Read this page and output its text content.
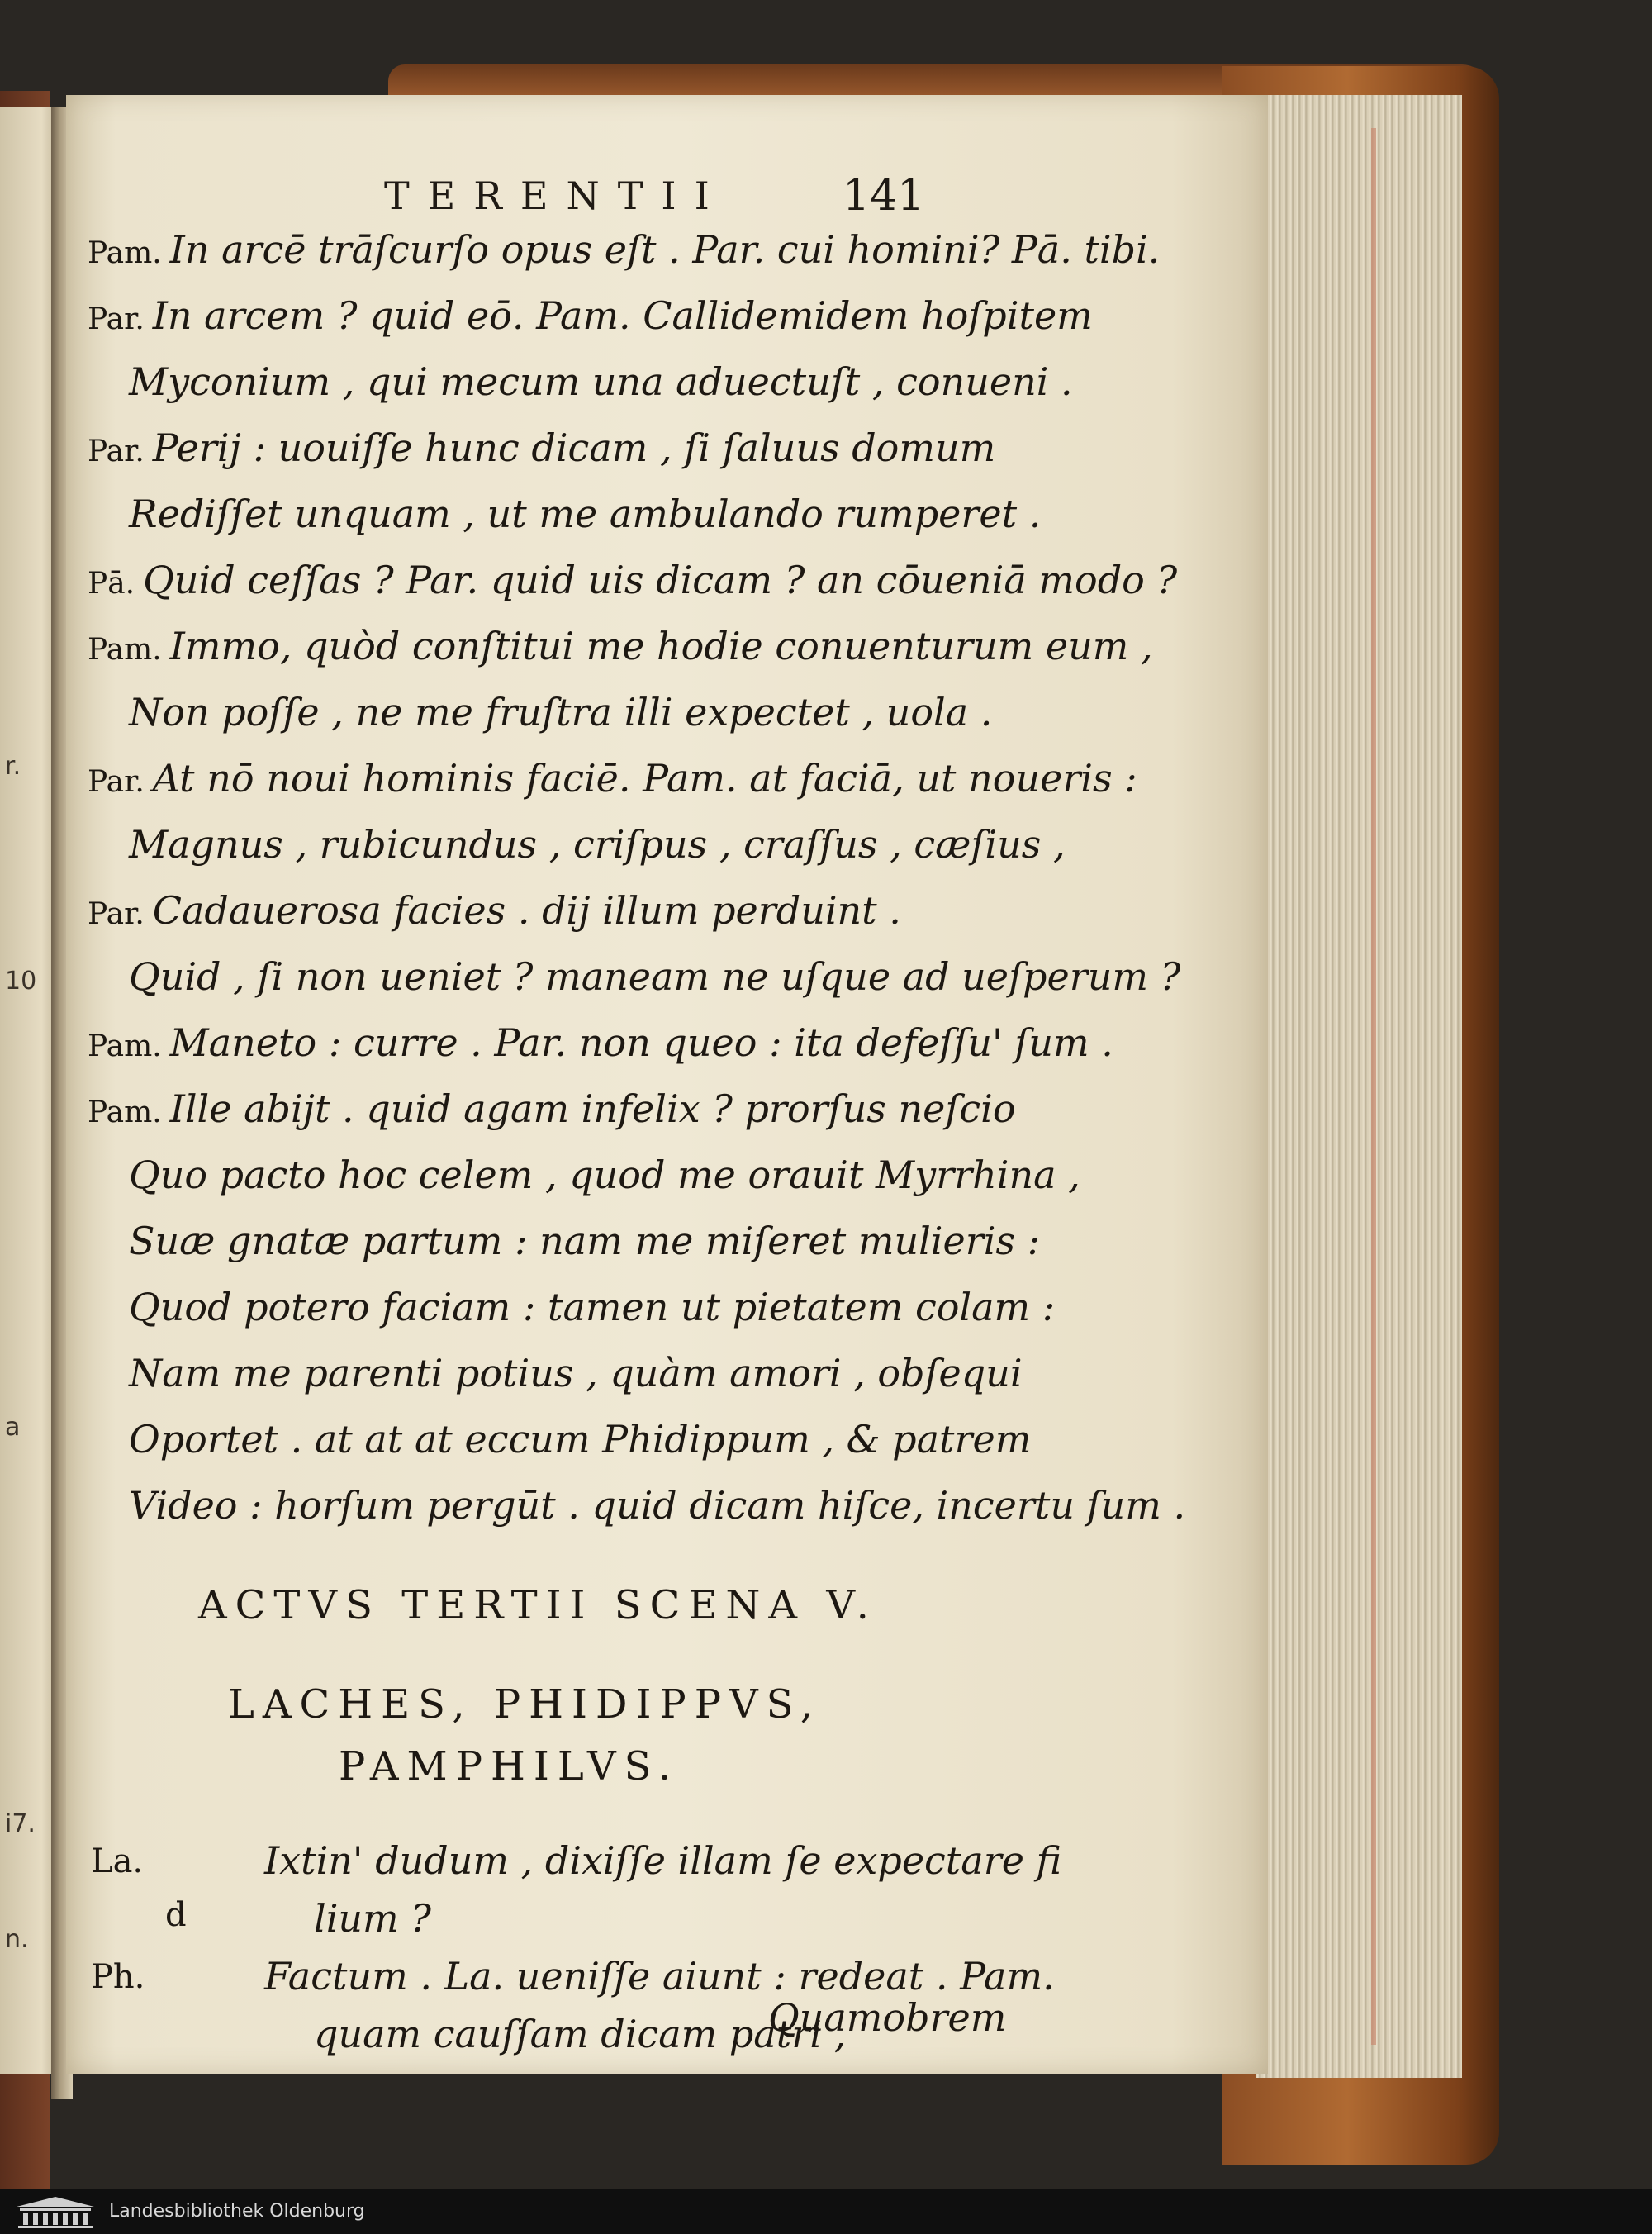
r.
10
a
i7.
n.
TERENTII	141
Pam. In arcē trāſcurſo opus eſt . Par. cui homini? Pā. tibi.
Par. In arcem ? quid eō. Pam. Callidemidem hoſpitem
Myconium , qui mecum una aduectuſt , conueni .
Par. Perij : uouiſſe hunc dicam , ſi ſaluus domum
Rediſſet unquam , ut me ambulando rumperet .
Pā. Quid ceſſas ? Par. quid uis dicam ? an cōueniā modo ?
Pam. Immo, quòd conſtitui me hodie conuenturum eum ,
Non poſſe , ne me fruſtra illi expectet , uola .
Par. At nō noui hominis faciē. Pam. at faciā, ut noueris :
Magnus , rubicundus , criſpus , craſſus , cæſius ,
Par. Cadauerosa facies . dij illum perduint .
Quid , ſi non ueniet ? maneam ne uſque ad ueſperum ?
Pam. Maneto : curre . Par. non queo : ita defeſſu' ſum .
Pam. Ille abijt . quid agam infelix ? prorſus neſcio
Quo pacto hoc celem , quod me orauit Myrrhina ,
Suæ gnatæ partum : nam me miſeret mulieris :
Quod potero faciam : tamen ut pietatem colam :
Nam me parenti potius , quàm amori , obſequi
Oportet . at at at eccum Phidippum , & patrem
Video : horſum pergūt . quid dicam hiſce, incertu ſum .
ACTVS TERTII SCENA V.
LACHES, PHIDIPPVS,
PAMPHILVS.
La.	Ixtin' dudum , dixiſſe illam ſe expectare fi
d	lium ?
Ph.	Factum . La. ueniſſe aiunt : redeat . Pam.
quam cauſſam dicam patri ,
Quamobrem
Landesbibliothek Oldenburg
